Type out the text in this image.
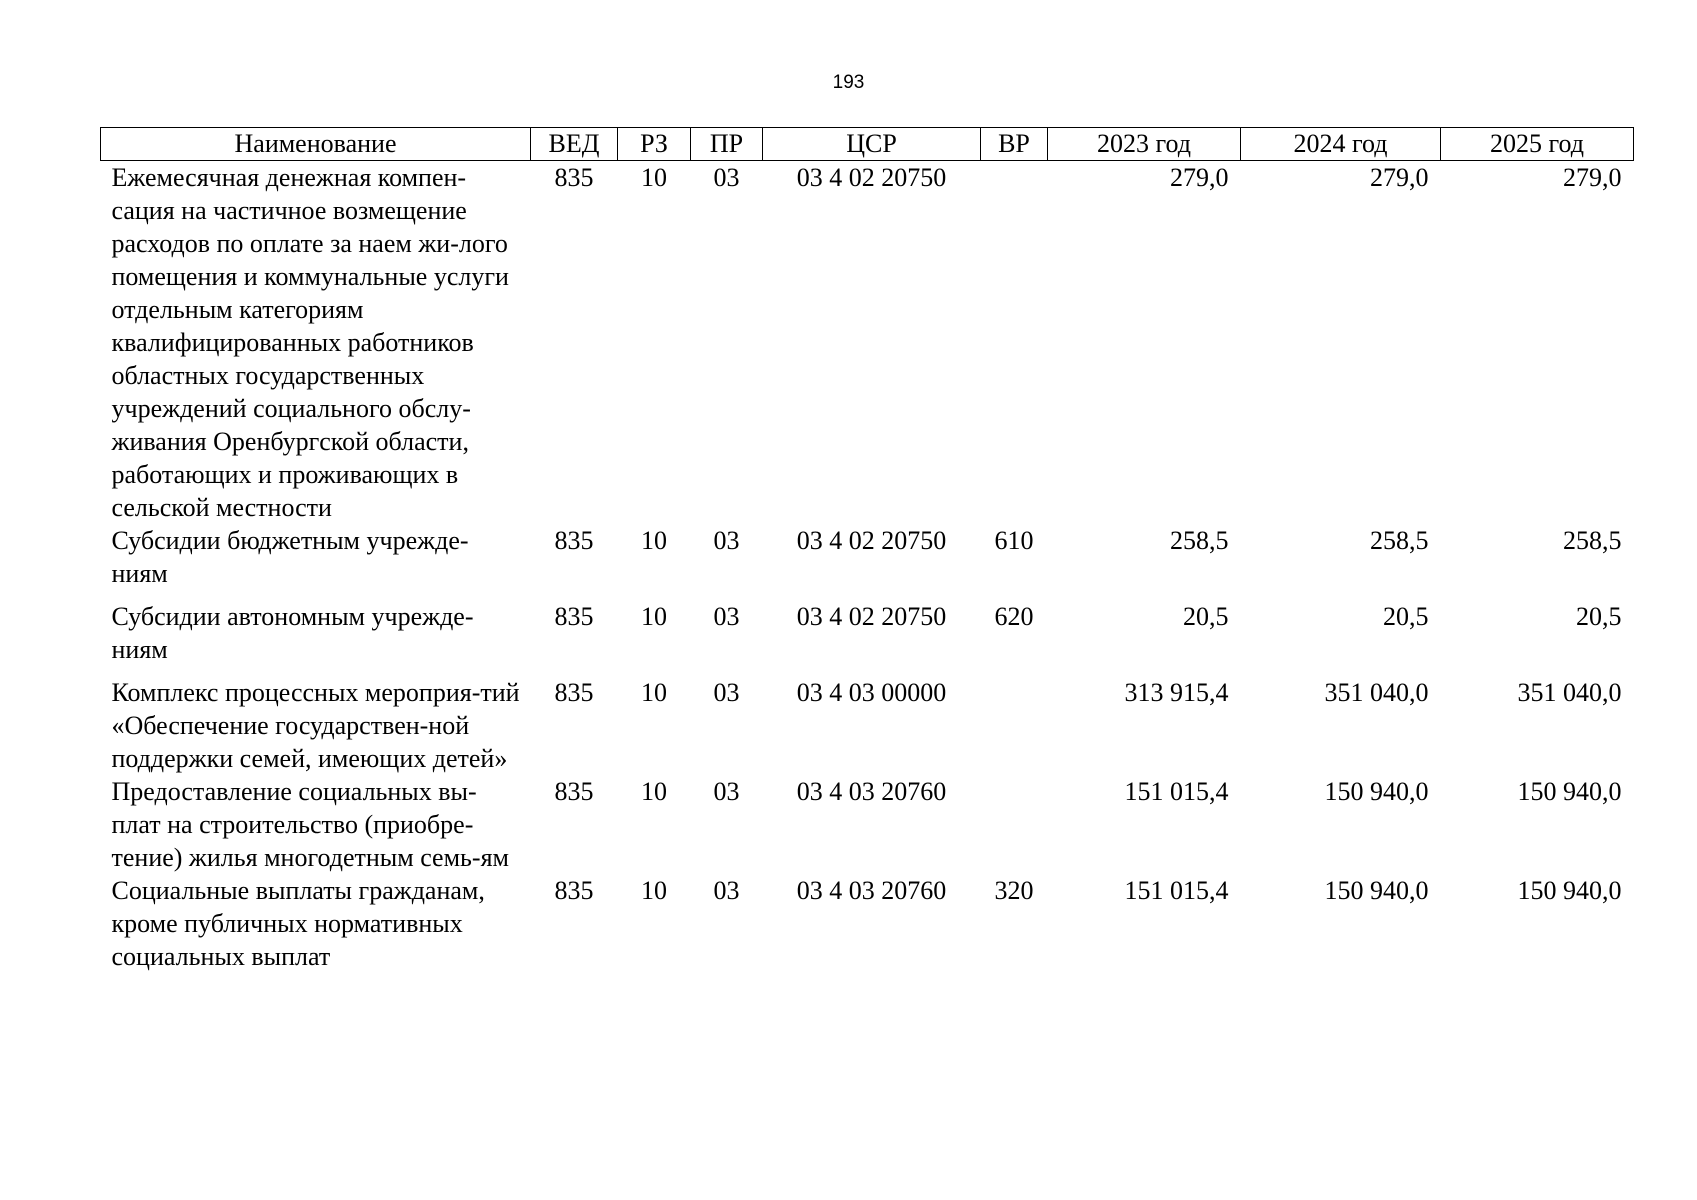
193
Наименование	ВЕД	РЗ	ПР	ЦСР	ВР	2023 год	2024 год	2025 год
Ежемесячная денежная компен-сация на частичное возмещение расходов по оплате за наем жи-лого помещения и коммунальные услуги отдельным категориям квалифицированных работников областных государственных учреждений социального обслу-живания Оренбургской области, работающих и проживающих в сельской местности	835	10	03	03 4 02 20750		279,0	279,0	279,0
Субсидии бюджетным учрежде-ниям	835	10	03	03 4 02 20750	610	258,5	258,5	258,5
Субсидии автономным учрежде-ниям	835	10	03	03 4 02 20750	620	20,5	20,5	20,5
Комплекс процессных мероприя-тий «Обеспечение государствен-ной поддержки семей, имеющих детей»	835	10	03	03 4 03 00000		313 915,4	351 040,0	351 040,0
Предоставление социальных вы-плат на строительство (приобре-тение) жилья многодетным семь-ям	835	10	03	03 4 03 20760		151 015,4	150 940,0	150 940,0
Социальные выплаты гражданам, кроме публичных нормативных социальных выплат	835	10	03	03 4 03 20760	320	151 015,4	150 940,0	150 940,0
